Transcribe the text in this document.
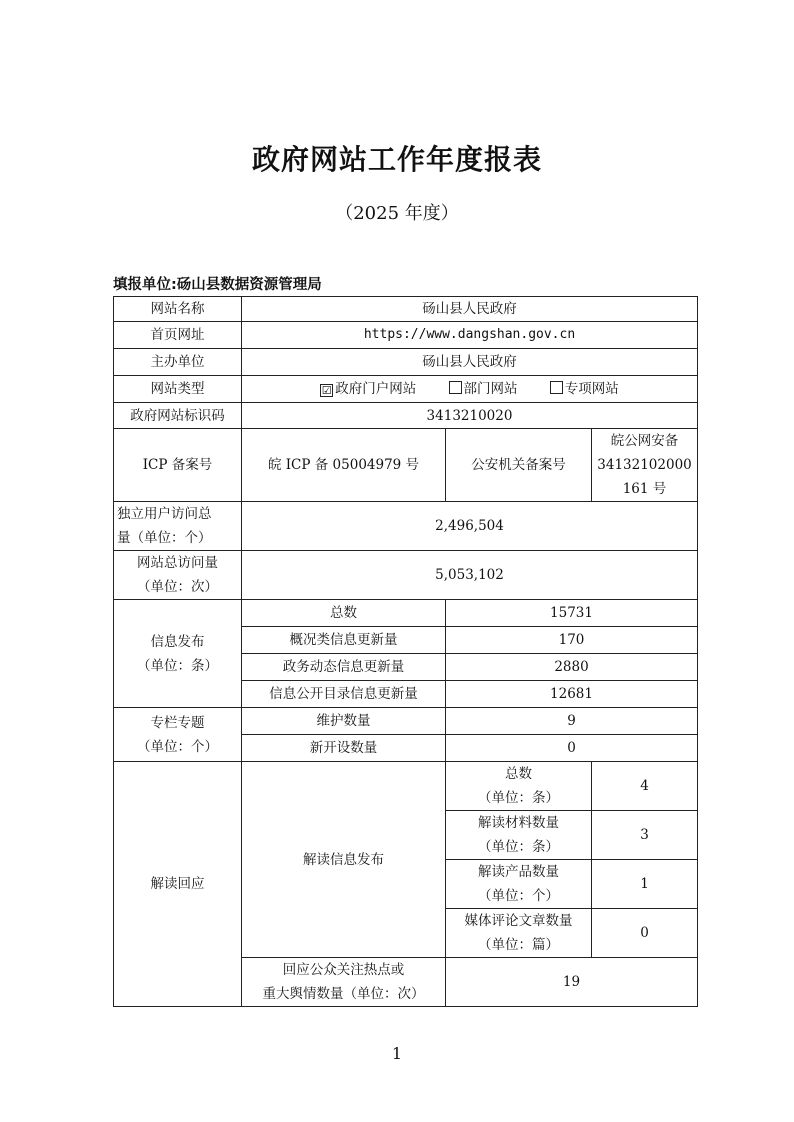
政府网站工作年度报表
（2025 年度）
填报单位:砀山县数据资源管理局
网站名称	砀山县人民政府		
首页网址	https://www.dangshan.gov.cn		
主办单位	砀山县人民政府		
网站类型	☑ 政府门户网站 部门网站 专项网站		
政府网站标识码	3413210020		
ICP 备案号	皖 ICP 备 05004979 号	公安机关备案号	皖公网安备
34132102000
161 号

独立用户访问总
量（单位：个）	2,496,504		

网站总访问量
（单位：次）	5,053,102		

信息发布
（单位：条）	总数	15731	
	概况类信息更新量	170	
	政务动态信息更新量	2880	
	信息公开目录信息更新量	12681	

专栏专题
（单位：个）	维护数量	9	
	新开设数量	0	
解读回应	解读信息发布	总数
（单位：条）	4

		解读材料数量
（单位：条）	3

		解读产品数量
（单位：个）	1

		媒体评论文章数量
（单位：篇）	0

	回应公众关注热点或
重大舆情数量（单位：次）	19	
1
